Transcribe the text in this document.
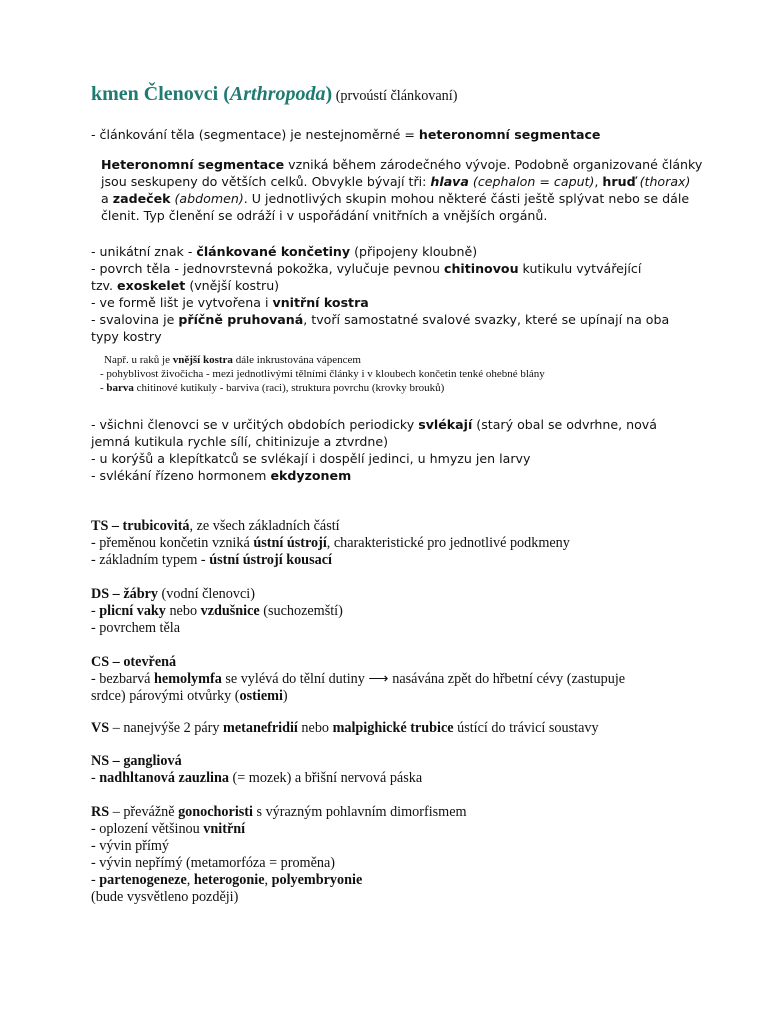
kmen Členovci (Arthropoda) (prvoústí článkovaní)
- článkování těla (segmentace) je nestejnoměrné = heteronomní segmentace
Heteronomní segmentace vzniká během zárodečného vývoje. Podobně organizované články
jsou seskupeny do větších celků. Obvykle bývají tři: hlava (cephalon = caput), hruď (thorax)
a zadeček (abdomen). U jednotlivých skupin mohou některé části ještě splývat nebo se dále
členit. Typ členění se odráží i v uspořádání vnitřních a vnějších orgánů.
- unikátní znak - článkované končetiny (připojeny kloubně)
- povrch těla - jednovrstevná pokožka, vylučuje pevnou chitinovou kutikulu vytvářející
tzv. exoskelet (vnější kostru)
- ve formě lišt je vytvořena i vnitřní kostra
- svalovina je příčně pruhovaná, tvoří samostatné svalové svazky, které se upínají na oba
typy kostry
Např. u raků je vnější kostra dále inkrustována vápencem
- pohyblivost živočicha - mezi jednotlivými tělními články i v kloubech končetin tenké ohebné blány
- barva chitinové kutikuly - barviva (raci), struktura povrchu (krovky brouků)
- všichni členovci se v určitých obdobích periodicky svlékají (starý obal se odvrhne, nová
jemná kutikula rychle sílí, chitinizuje a ztvrdne)
- u korýšů a klepítkatců se svlékají i dospělí jedinci, u hmyzu jen larvy
- svlékání řízeno hormonem ekdyzonem
TS – trubicovitá, ze všech základních částí
- přeměnou končetin vzniká ústní ústrojí, charakteristické pro jednotlivé podkmeny
- základním typem - ústní ústrojí kousací
DS – žábry (vodní členovci)
- plicní vaky nebo vzdušnice (suchozemští)
- povrchem těla
CS – otevřená
- bezbarvá hemolymfa se vylévá do tělní dutiny ⟶ nasávána zpět do hřbetní cévy (zastupuje
srdce) párovými otvůrky (ostiemi)
VS – nanejvýše 2 páry metanefridií nebo malpighické trubice ústící do trávicí soustavy
NS – gangliová
- nadhltanová zauzlina (= mozek) a břišní nervová páska
RS – převážně gonochoristi s výrazným pohlavním dimorfismem
- oplození většinou vnitřní
- vývin přímý
- vývin nepřímý (metamorfóza = proměna)
- partenogeneze, heterogonie, polyembryonie
(bude vysvětleno později)
